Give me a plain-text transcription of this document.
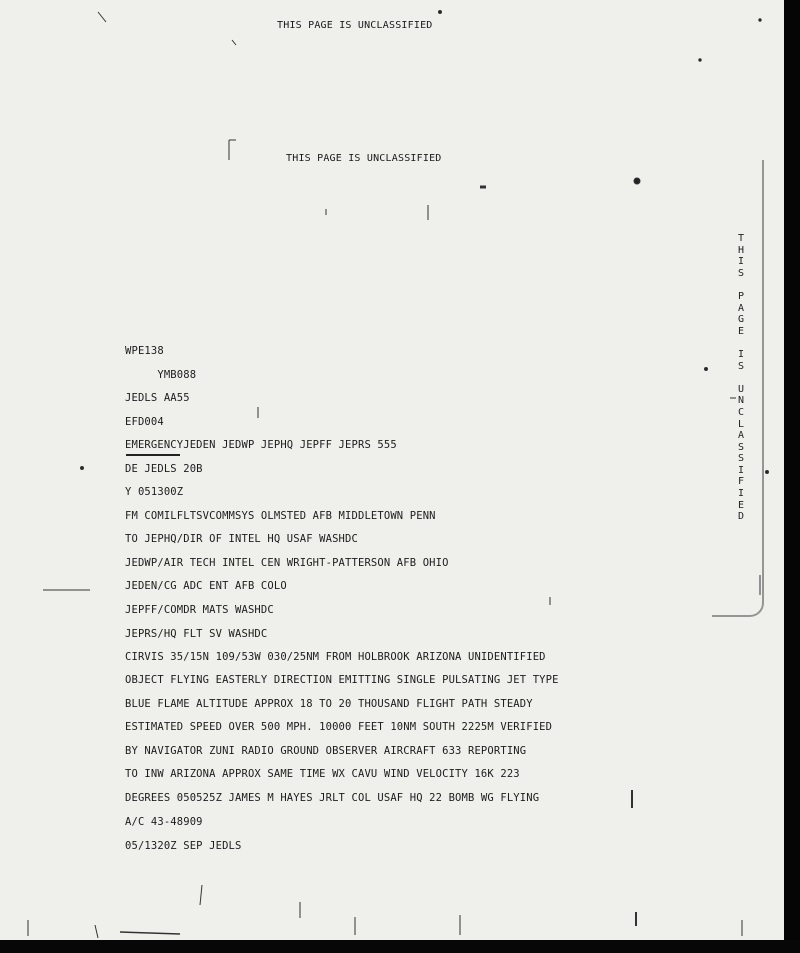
THIS PAGE IS UNCLASSIFIED
THIS PAGE IS UNCLASSIFIED
T
H
I
S

P
A
G
E

I
S

U
N
C
L
A
S
S
I
F
I
E
D
WPE138
YMB088
JEDLS AA55
EFD004
EMERGENCYJEDEN JEDWP JEPHQ JEPFF JEPRS 555
DE JEDLS 20B
Y 051300Z
FM COMILFLTSVCOMMSYS OLMSTED AFB MIDDLETOWN PENN
TO JEPHQ/DIR OF INTEL HQ USAF WASHDC
JEDWP/AIR TECH INTEL CEN WRIGHT-PATTERSON AFB OHIO
JEDEN/CG ADC ENT AFB COLO
JEPFF/COMDR MATS WASHDC
JEPRS/HQ FLT SV WASHDC
CIRVIS 35/15N 109/53W 030/25NM FROM HOLBROOK ARIZONA UNIDENTIFIED
OBJECT FLYING EASTERLY DIRECTION EMITTING SINGLE PULSATING JET TYPE
BLUE FLAME ALTITUDE APPROX 18 TO 20 THOUSAND FLIGHT PATH STEADY
ESTIMATED SPEED OVER 500 MPH. 10000 FEET 10NM SOUTH 2225M VERIFIED
BY NAVIGATOR ZUNI RADIO GROUND OBSERVER AIRCRAFT 633 REPORTING
TO INW ARIZONA APPROX SAME TIME WX CAVU WIND VELOCITY 16K 223
DEGREES 050525Z JAMES M HAYES JRLT COL USAF HQ 22 BOMB WG FLYING
A/C 43-48909
05/1320Z SEP JEDLS
